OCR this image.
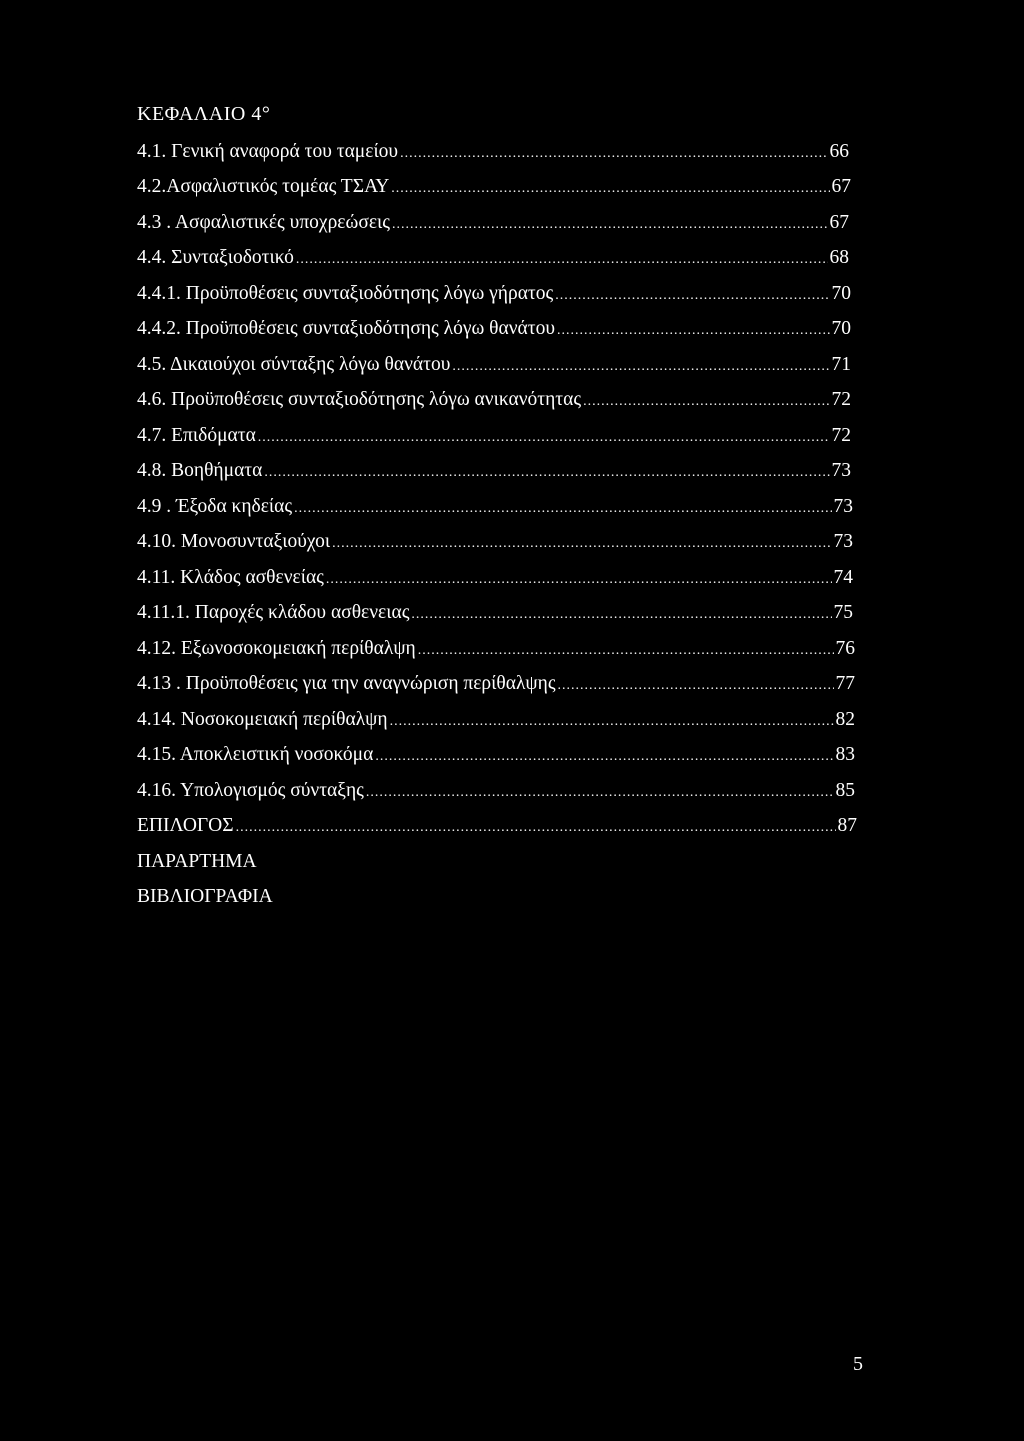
ΚΕΦΑΛΑΙΟ 4°
4.1. Γενική αναφορά του ταμείου .....	66
4.2.Ασφαλιστικός τομέας ΤΣΑΥ .....	67
4.3 . Ασφαλιστικές υποχρεώσεις .....	67
4.4. Συνταξιοδοτικό .....	68
4.4.1. Προϋποθέσεις συνταξιοδότησης λόγω γήρατος .....	70
4.4.2. Προϋποθέσεις συνταξιοδότησης λόγω θανάτου .....	70
4.5. Δικαιούχοι σύνταξης λόγω θανάτου .....	71
4.6. Προϋποθέσεις συνταξιοδότησης λόγω ανικανότητας .....	72
4.7. Επιδόματα .....	72
4.8. Βοηθήματα .....	73
4.9 . Έξοδα κηδείας .....	73
4.10. Μονοσυνταξιούχοι .....	73
4.11. Κλάδος ασθενείας .....	74
4.11.1. Παροχές κλάδου ασθενειας .....	75
4.12. Εξωνοσοκομειακή περίθαλψη .....	76
4.13 . Προϋποθέσεις για την αναγνώριση περίθαλψης .....	77
4.14. Νοσοκομειακή περίθαλψη .....	82
4.15. Αποκλειστική νοσοκόμα .....	83
4.16. Υπολογισμός σύνταξης .....	85
ΕΠΙΛΟΓΟΣ .....	87
ΠΑΡΑΡΤΗΜΑ
ΒΙΒΛΙΟΓΡΑΦΙΑ
5
